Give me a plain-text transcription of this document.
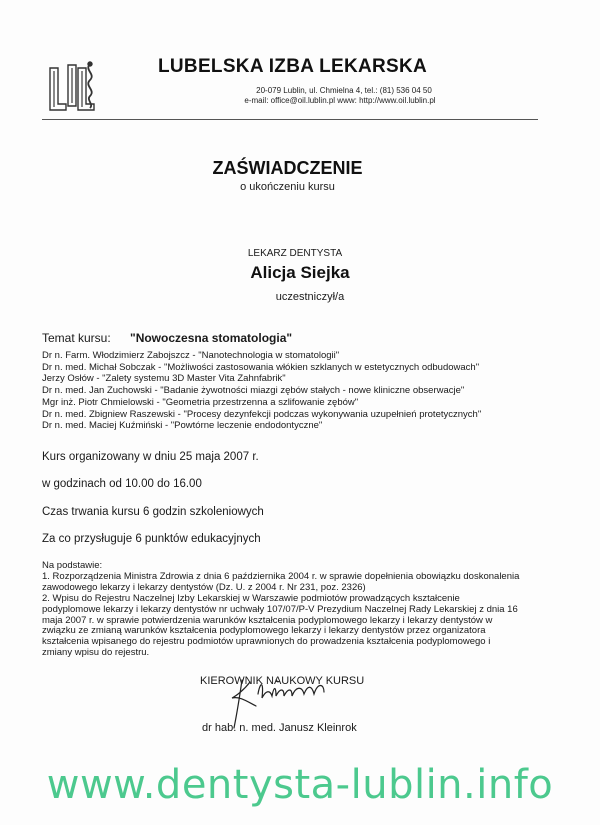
LUBELSKA IZBA LEKARSKA
20-079 Lublin, ul. Chmielna 4, tel.: (81) 536 04 50
e-mail: office@oil.lublin.pl www: http://www.oil.lublin.pl
ZAŚWIADCZENIE
o ukończeniu kursu
LEKARZ DENTYSTA
Alicja Siejka
uczestniczył/a
Temat kursu: "Nowoczesna stomatologia"
Dr n. Farm. Włodzimierz Zabojszcz - "Nanotechnologia w stomatologii"
Dr n. med. Michał Sobczak - "Możliwości zastosowania włókien szklanych w estetycznych odbudowach"
Jerzy Osłów - "Zalety systemu 3D Master Vita Zahnfabrik"
Dr n. med. Jan Zuchowski - "Badanie żywotności miazgi zębów stałych - nowe kliniczne obserwacje"
Mgr inż. Piotr Chmielowski - "Geometria przestrzenna a szlifowanie zębów"
Dr n. med. Zbigniew Raszewski - "Procesy dezynfekcji podczas wykonywania uzupełnień protetycznych"
Dr n. med. Maciej Kuźmiński - "Powtórne leczenie endodontyczne"
Kurs organizowany w dniu 25 maja 2007 r.
w godzinach od 10.00 do 16.00
Czas trwania kursu 6 godzin szkoleniowych
Za co przysługuje 6 punktów edukacyjnych
Na podstawie:
1. Rozporządzenia Ministra Zdrowia z dnia 6 października 2004 r. w sprawie dopełnienia obowiązku doskonalenia
zawodowego lekarzy i lekarzy dentystów (Dz. U. z 2004 r. Nr 231, poz. 2326)
2. Wpisu do Rejestru Naczelnej Izby Lekarskiej w Warszawie podmiotów prowadzących kształcenie
podyplomowe lekarzy i lekarzy dentystów nr uchwały 107/07/P-V Prezydium Naczelnej Rady Lekarskiej z dnia 16
maja 2007 r. w sprawie potwierdzenia warunków kształcenia podyplomowego lekarzy i lekarzy dentystów w
związku ze zmianą warunków kształcenia podyplomowego lekarzy i lekarzy dentystów przez organizatora
kształcenia wpisanego do rejestru podmiotów uprawnionych do prowadzenia kształcenia podyplomowego i
zmiany wpisu do rejestru.
KIEROWNIK NAUKOWY KURSU
dr hab. n. med. Janusz Kleinrok
www.dentysta-lublin.info
